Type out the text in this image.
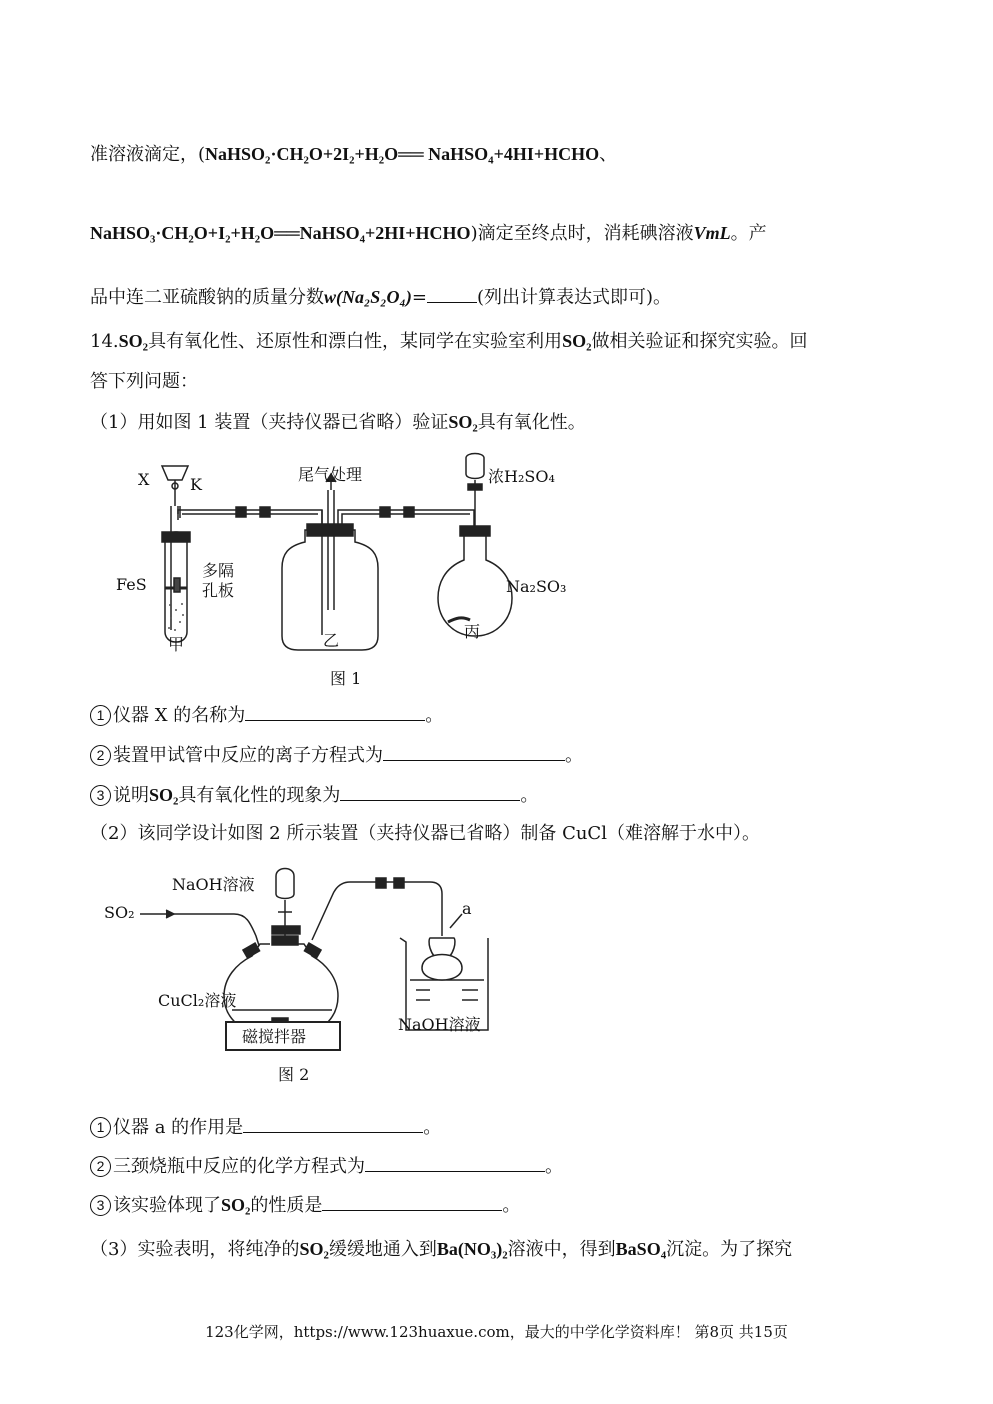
准溶液滴定，(NaHSO₂·CH₂O+2I₂+H₂O══ NaHSO₄+4HI+HCHO、
NaHSO₃·CH₂O+I₂+H₂O══NaHSO₄+2HI+HCHO)滴定至终点时，消耗碘溶液VmL。产
品中连二亚硫酸钠的质量分数w(Na₂S₂O₄)=	(列出计算表达式即可)。
14.SO₂具有氧化性、还原性和漂白性，某同学在实验室利用SO₂做相关验证和探究实验。回
答下列问题：
（1）用如图 1 装置（夹持仪器已省略）验证SO₂具有氧化性。
X	K
FeS
多隔
孔板
甲
尾气处理
乙
浓H₂SO₄
Na₂SO₃
丙
图 1
1 仪器 X 的名称为	。
2 装置甲试管中反应的离子方程式为	。
3 说明SO₂具有氧化性的现象为	。
（2）该同学设计如图 2 所示装置（夹持仪器已省略）制备 CuCl（难溶解于水中）。
NaOH溶液
SO₂
CuCl₂溶液
磁搅拌器
a
NaOH溶液
图 2
1 仪器 a 的作用是	。
2 三颈烧瓶中反应的化学方程式为	。
3 该实验体现了SO₂的性质是	。
（3）实验表明，将纯净的SO₂缓缓地通入到Ba(NO₃)₂溶液中，得到BaSO₄沉淀。为了探究
123化学网，https://www.123huaxue.com，最大的中学化学资料库！ 第8页 共15页
